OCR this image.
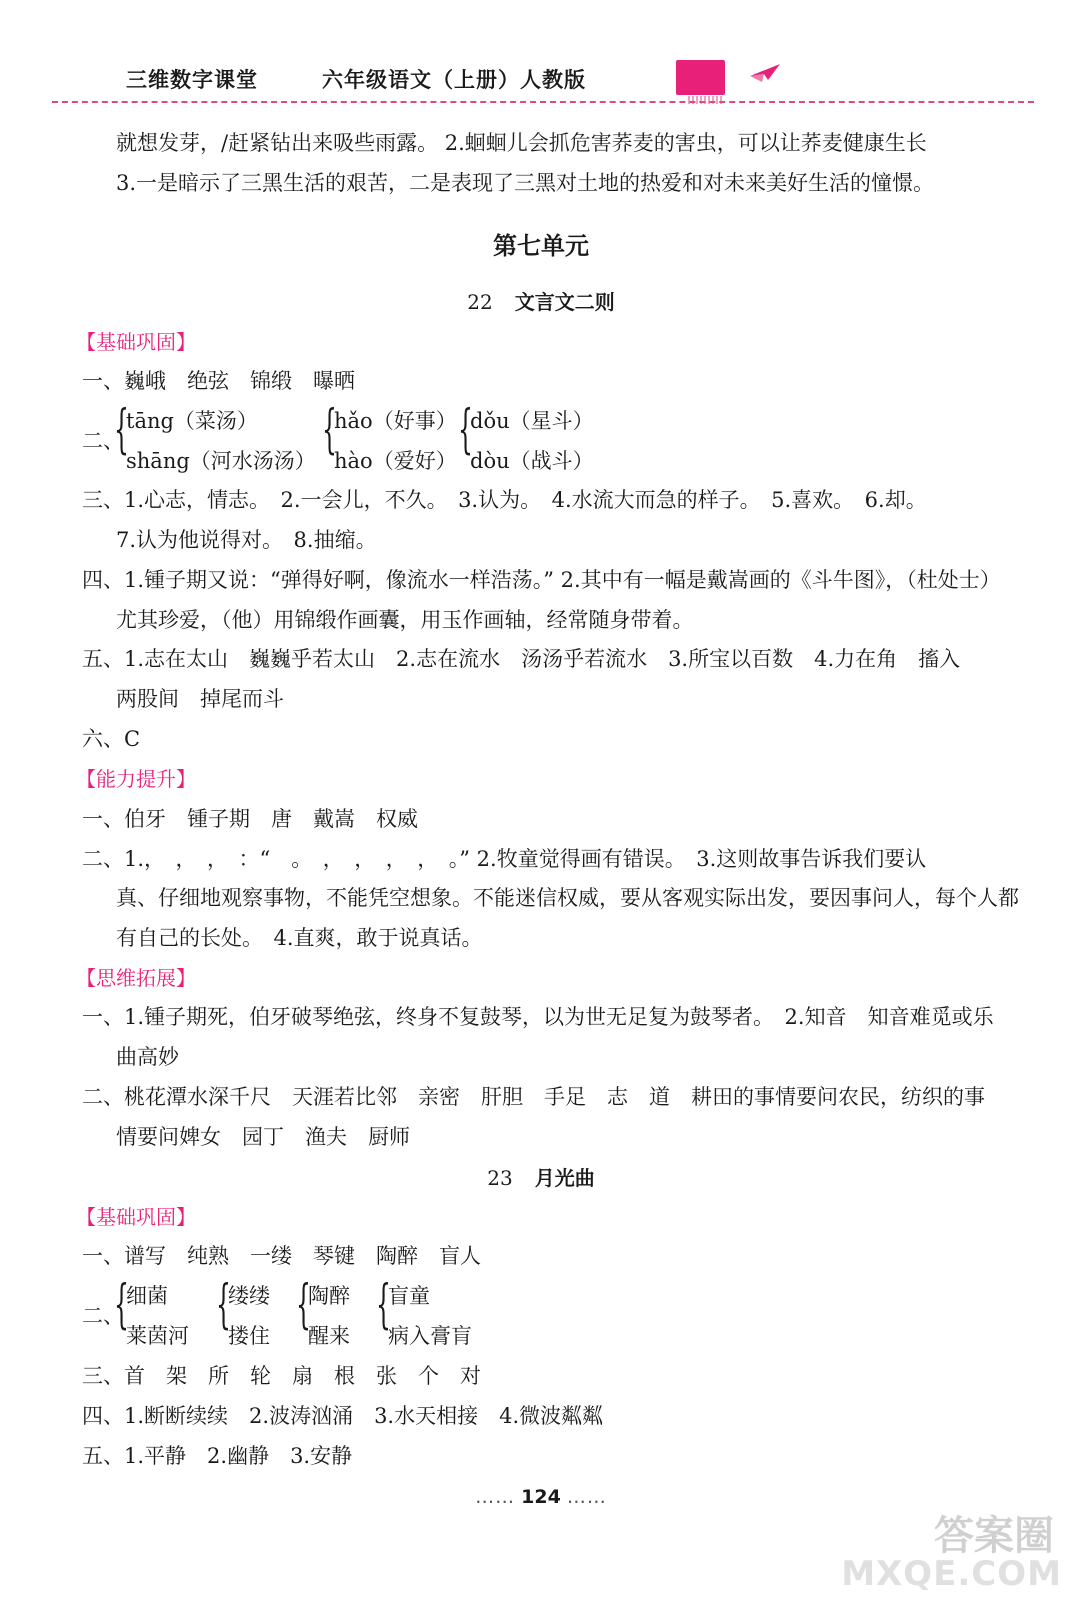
三维数字课堂	六年级语文（上册）人教版
就想发芽，/赶紧钻出来吸些雨露。 2.蛔蛔儿会抓危害荞麦的害虫，可以让荞麦健康生长
3.一是暗示了三黑生活的艰苦，二是表现了三黑对土地的热爱和对未来美好生活的憧憬。
第七单元
22 文言文二则
【基础巩固】
一、巍峨　绝弦　锦缎　曝晒
二、
{
tāng（菜汤）
shāng（河水汤汤）
{
hǎo（好事）
hào（爱好）
{
dǒu（星斗）
dòu（战斗）
三、1.心志，情志。　2.一会儿，不久。　3.认为。　4.水流大而急的样子。　5.喜欢。　6.却。
7.认为他说得对。　8.抽缩。
四、1.锺子期又说：“弹得好啊，像流水一样浩荡。” 2.其中有一幅是戴嵩画的《斗牛图》，（杜处士）
尤其珍爱，（他）用锦缎作画囊，用玉作画轴，经常随身带着。
五、1.志在太山　巍巍乎若太山　2.志在流水　汤汤乎若流水　3.所宝以百数　4.力在角　搐入
两股间　掉尾而斗
六、C
【能力提升】
一、伯牙　锺子期　唐　戴嵩　权威
二、1.，　，　，　：“　。　，　，　，　，　。” 2.牧童觉得画有错误。　3.这则故事告诉我们要认
真、仔细地观察事物，不能凭空想象。不能迷信权威，要从客观实际出发，要因事问人，每个人都
有自己的长处。　4.直爽，敢于说真话。
【思维拓展】
一、1.锺子期死，伯牙破琴绝弦，终身不复鼓琴，以为世无足复为鼓琴者。　2.知音　知音难觅或乐
曲高妙
二、桃花潭水深千尺　天涯若比邻　亲密　肝胆　手足　志　道　耕田的事情要问农民，纺织的事
情要问婢女　园丁　渔夫　厨师
23 月光曲
【基础巩固】
一、谱写　纯熟　一缕　琴键　陶醉　盲人
二、
{
细菌
莱茵河
{
缕缕
搂住
{
陶醉
醒来
{
盲童
病入膏肓
三、首　架　所　轮　扇　根　张　个　对
四、1.断断续续　2.波涛汹涌　3.水天相接　4.微波粼粼
五、1.平静　2.幽静　3.安静
…… 124 ……
答案圈
MXQE.COM
